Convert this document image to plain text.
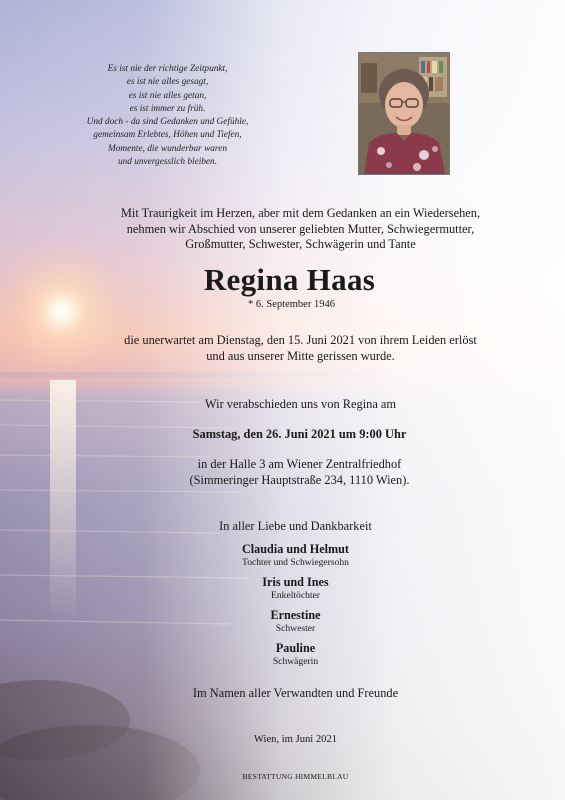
Es ist nie der richtige Zeitpunkt,
es ist nie alles gesagt,
es ist nie alles getan,
es ist immer zu früh.
Und doch - da sind Gedanken und Gefühle,
gemeinsam Erlebtes, Höhen und Tiefen,
Momente, die wunderbar waren
und unvergesslich bleiben.
Mit Traurigkeit im Herzen, aber mit dem Gedanken an ein Wiedersehen,
nehmen wir Abschied von unserer geliebten Mutter, Schwiegermutter,
Großmutter, Schwester, Schwägerin und Tante
Regina Haas
* 6. September 1946
die unerwartet am Dienstag, den 15. Juni 2021 von ihrem Leiden erlöst
und aus unserer Mitte gerissen wurde.
Wir verabschieden uns von Regina am
Samstag, den 26. Juni 2021 um 9:00 Uhr
in der Halle 3 am Wiener Zentralfriedhof
(Simmeringer Hauptstraße 234, 1110 Wien).
In aller Liebe und Dankbarkeit
Claudia und Helmut
Tochter und Schwiegersohn
Iris und Ines
Enkeltöchter
Ernestine
Schwester
Pauline
Schwägerin
Im Namen aller Verwandten und Freunde
Wien, im Juni 2021
BESTATTUNG HIMMELBLAU
